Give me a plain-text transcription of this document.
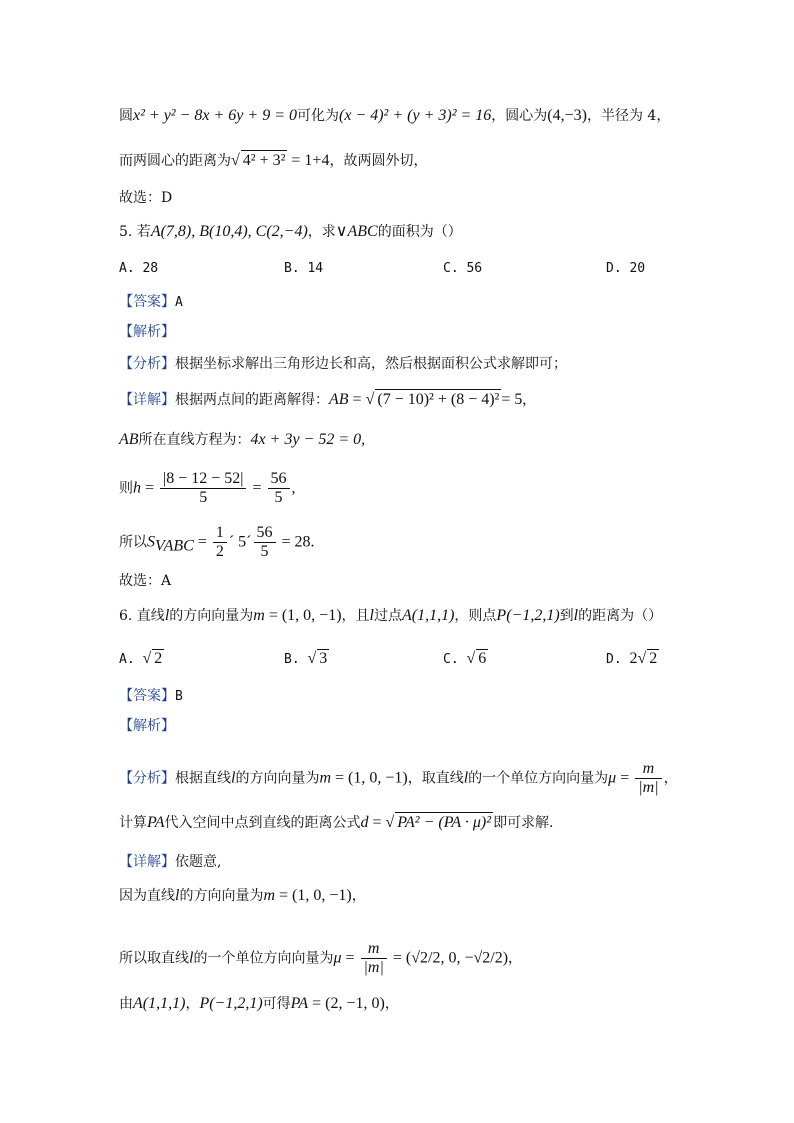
圆x² + y² − 8x + 6y + 9 = 0可化为(x − 4)² + (y + 3)² = 16，圆心为(4,−3)，半径为 4，
而两圆心的距离为√ 4² + 3² = 1+4，故两圆外切，
故选：D
5. 若A(7,8), B(10,4), C(2,−4)，求∨ABC的面积为（）
A. 28	B. 14	C. 56	D. 20
【答案】A
【解析】
【分析】根据坐标求解出三角形边长和高，然后根据面积公式求解即可；
【详解】根据两点间的距离解得：AB = √ (7 − 10)² + (8 − 4)² = 5,
AB所在直线方程为：4x + 3y − 52 = 0,
则$h = \frac{|8 - 12 - 52|}{5} = \frac{56}{5}$ ,
所以$S_{VABC} = \frac{1}{2}$ ´ 5´ $\frac{56}{5} = 28$.
故选：A
6. 直线l的方向向量为m = (1, 0, −1)，且l过点A(1,1,1)，则点P(−1,2,1)到l的距离为（）
A. √ 2	B. √ 3	C. √ 6	D. 2√ 2
【答案】B
【解析】
【分析】根据直线l的方向向量为m = (1, 0, −1)，取直线l的一个单位方向向量为$\mu = \frac{m}{|m|}$ ，
计算PA代入空间中点到直线的距离公式d = √ PA² − (PA · μ)² 即可求解.
【详解】依题意,
因为直线l的方向向量为m = (1, 0, −1)，
所以取直线l的一个单位方向向量为$\mu = \frac{m}{|m|} = (√2/2$, 0, −√2/2)，
由A(1,1,1)，P(−1,2,1)可得PA = (2, −1, 0)，
